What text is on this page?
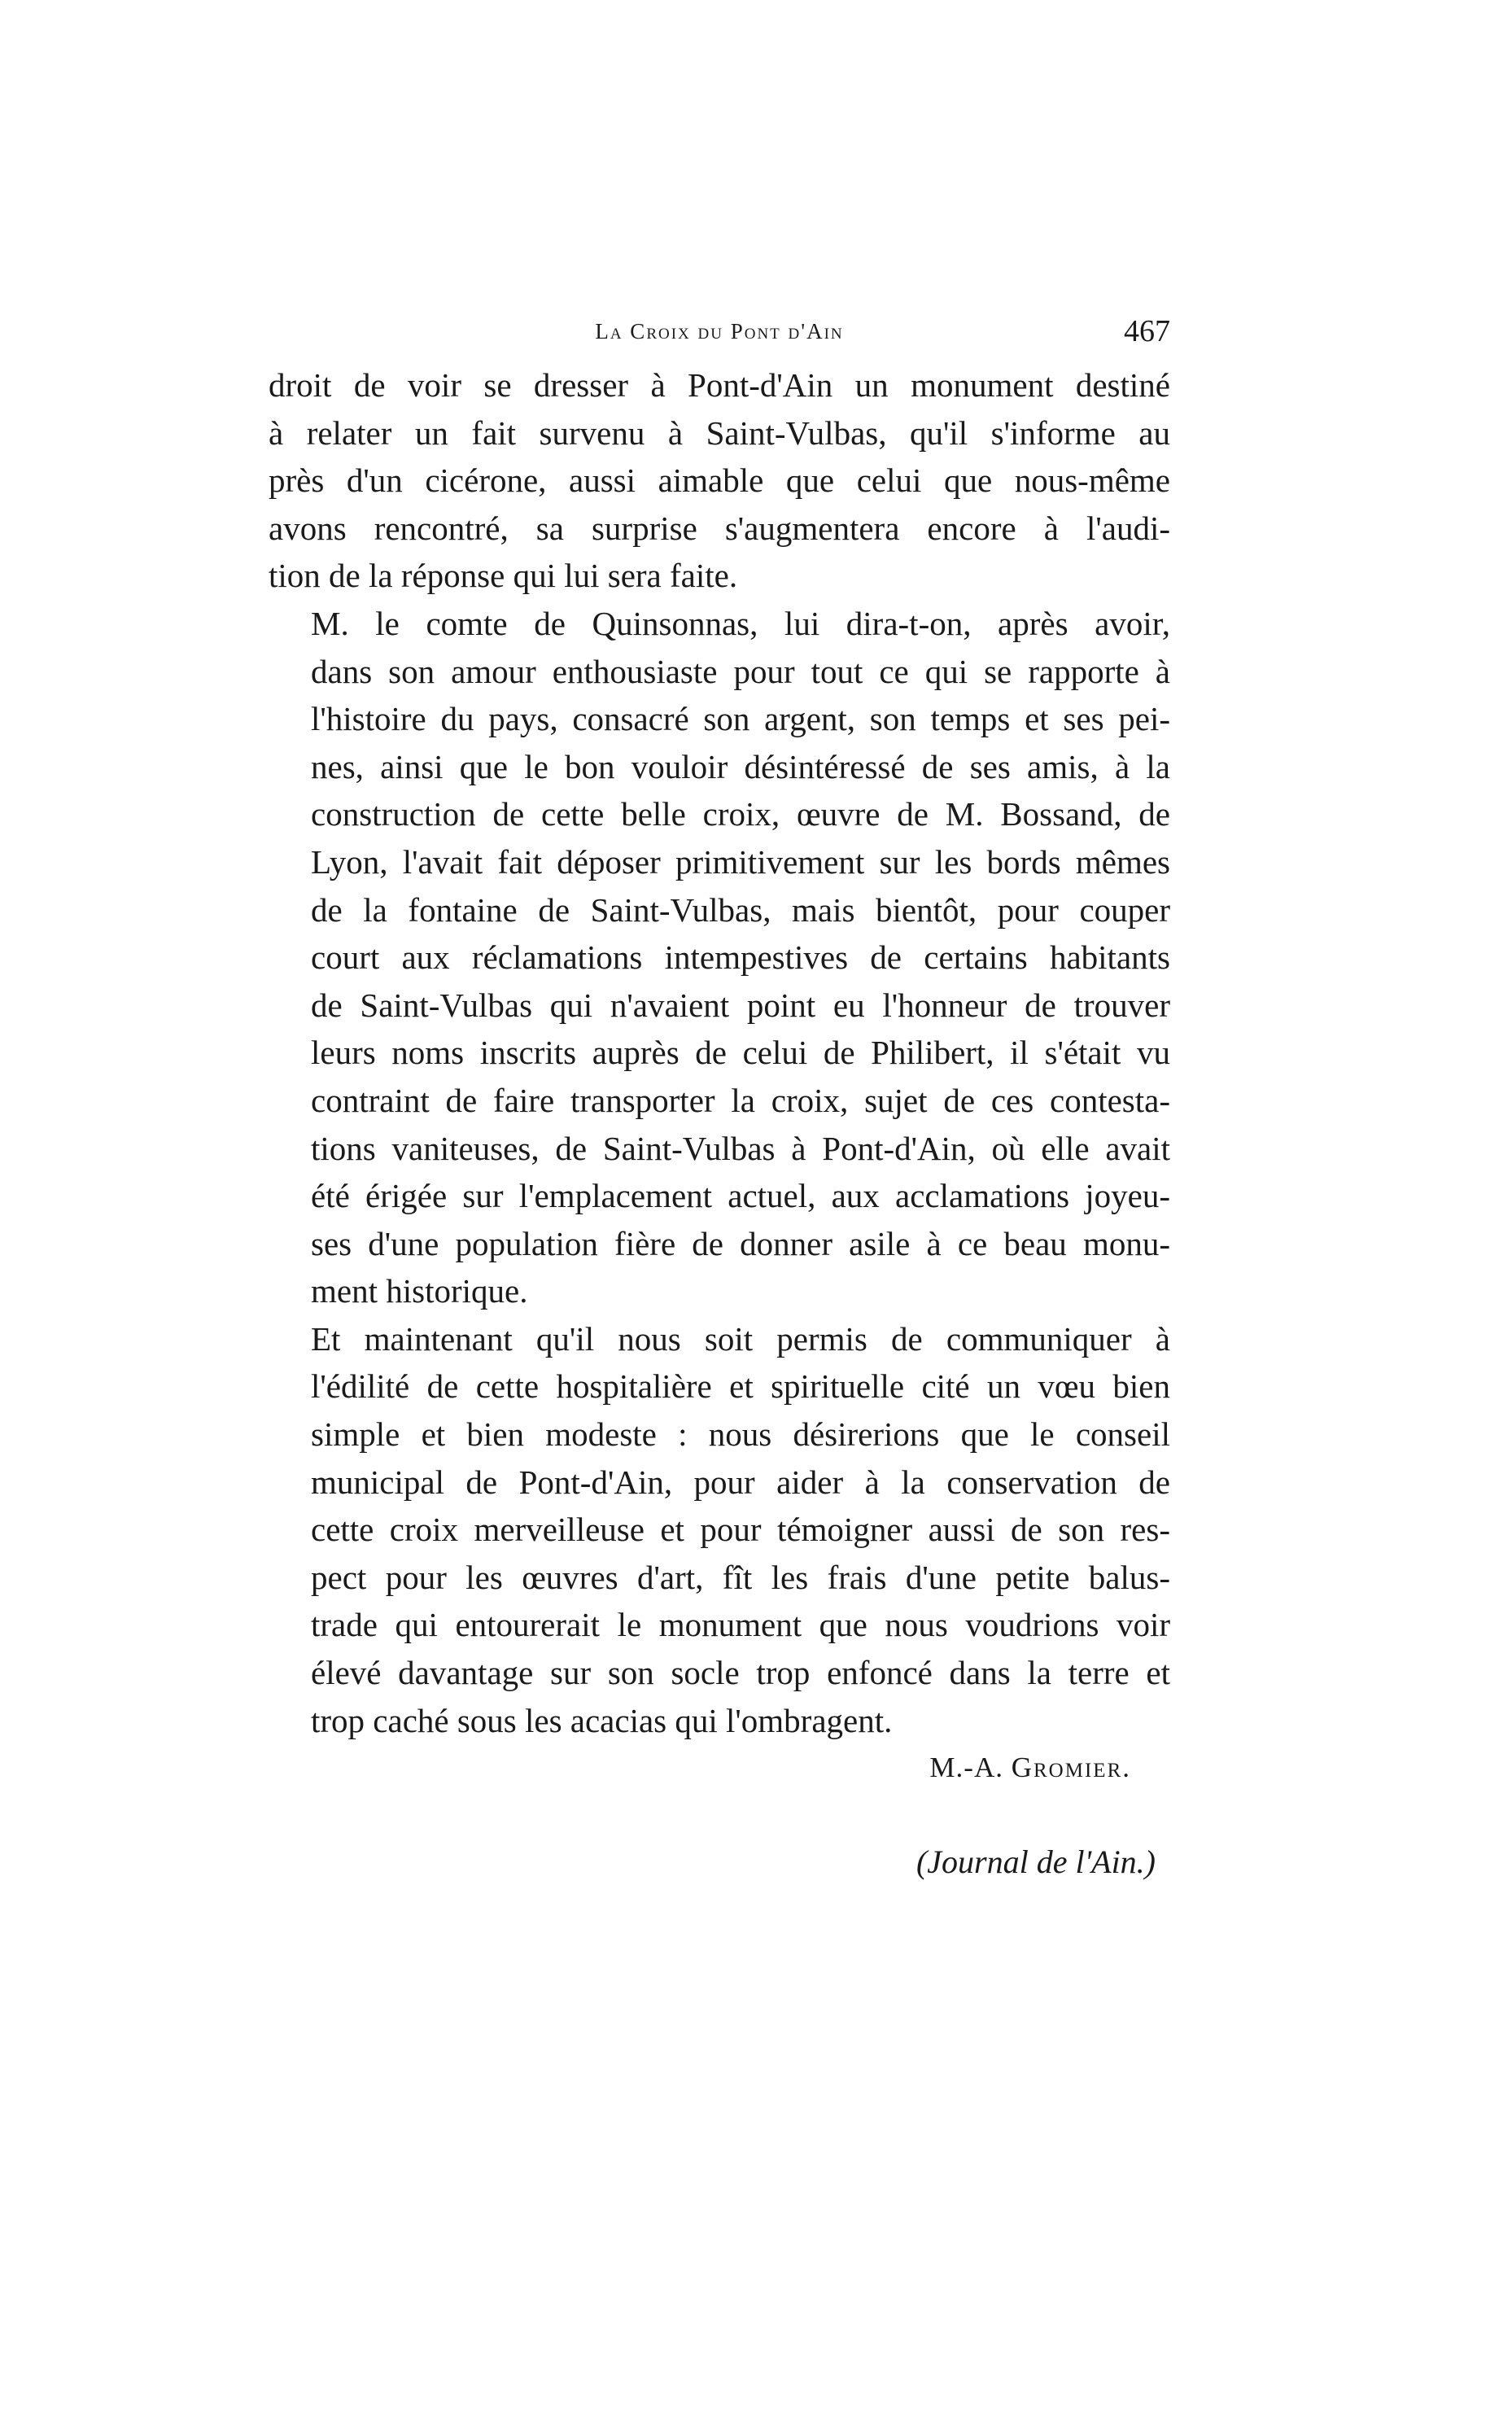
La Croix du Pont d'Ain	467

droit de voir se dresser à Pont-d'Ain un monument destiné
à relater un fait survenu à Saint-Vulbas, qu'il s'informe au
près d'un cicérone, aussi aimable que celui que nous-même
avons rencontré, sa surprise s'augmentera encore à l'audi-
tion de la réponse qui lui sera faite.

M. le comte de Quinsonnas, lui dira-t-on, après avoir,
dans son amour enthousiaste pour tout ce qui se rapporte à
l'histoire du pays, consacré son argent, son temps et ses pei-
nes, ainsi que le bon vouloir désintéressé de ses amis, à la
construction de cette belle croix, œuvre de M. Bossand, de
Lyon, l'avait fait déposer primitivement sur les bords mêmes
de la fontaine de Saint-Vulbas, mais bientôt, pour couper
court aux réclamations intempestives de certains habitants
de Saint-Vulbas qui n'avaient point eu l'honneur de trouver
leurs noms inscrits auprès de celui de Philibert, il s'était vu
contraint de faire transporter la croix, sujet de ces contesta-
tions vaniteuses, de Saint-Vulbas à Pont-d'Ain, où elle avait
été érigée sur l'emplacement actuel, aux acclamations joyeu-
ses d'une population fière de donner asile à ce beau monu-
ment historique.

Et maintenant qu'il nous soit permis de communiquer à
l'édilité de cette hospitalière et spirituelle cité un vœu bien
simple et bien modeste : nous désirerions que le conseil
municipal de Pont-d'Ain, pour aider à la conservation de
cette croix merveilleuse et pour témoigner aussi de son res-
pect pour les œuvres d'art, fît les frais d'une petite balus-
trade qui entourerait le monument que nous voudrions voir
élevé davantage sur son socle trop enfoncé dans la terre et
trop caché sous les acacias qui l'ombragent.

M.-A. Gromier.

(Journal de l'Ain.)
